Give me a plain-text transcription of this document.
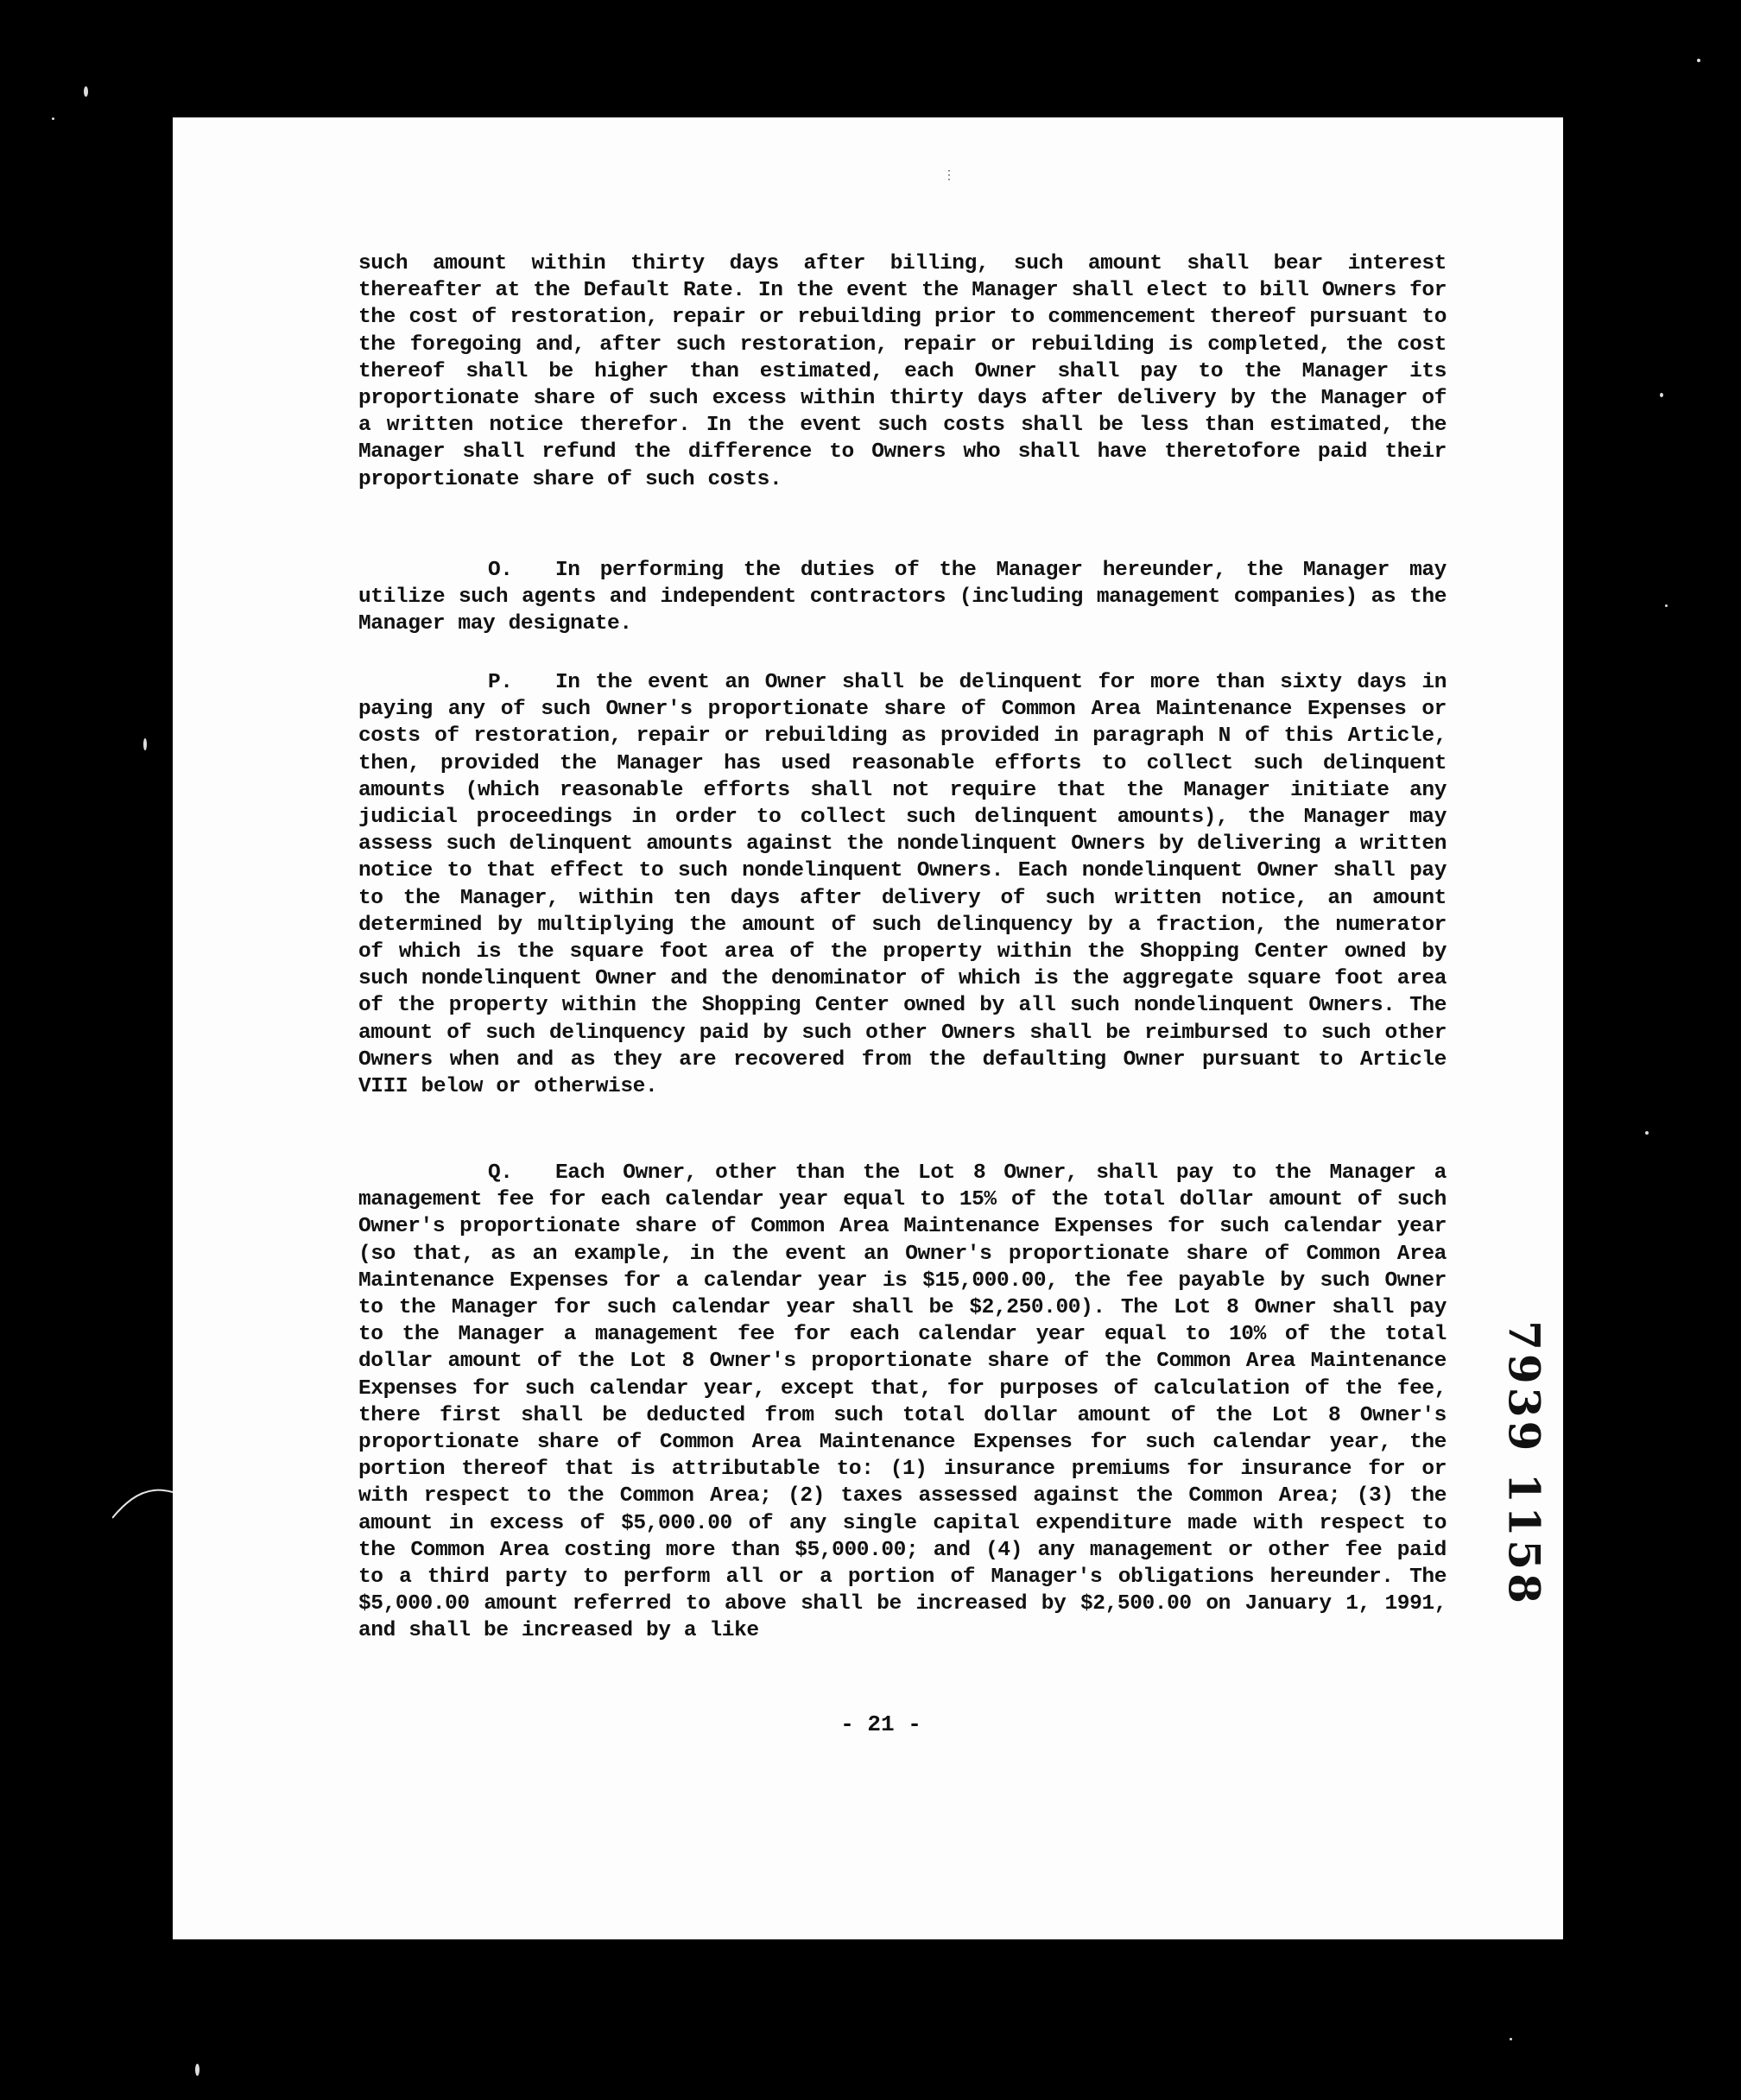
⋮
such amount within thirty days after billing, such amount shall bear interest thereafter at the Default Rate. In the event the Manager shall elect to bill Owners for the cost of restoration, repair or rebuilding prior to commencement thereof pursuant to the foregoing and, after such restoration, repair or rebuilding is completed, the cost thereof shall be higher than estimated, each Owner shall pay to the Manager its proportionate share of such excess within thirty days after delivery by the Manager of a written notice therefor. In the event such costs shall be less than estimated, the Manager shall refund the difference to Owners who shall have theretofore paid their proportionate share of such costs.
O. In performing the duties of the Manager hereunder, the Manager may utilize such agents and independent contractors (including management companies) as the Manager may designate.
P. In the event an Owner shall be delinquent for more than sixty days in paying any of such Owner's proportionate share of Common Area Maintenance Expenses or costs of restoration, repair or rebuilding as provided in paragraph N of this Article, then, provided the Manager has used reasonable efforts to collect such delinquent amounts (which reasonable efforts shall not require that the Manager initiate any judicial proceedings in order to collect such delinquent amounts), the Manager may assess such delinquent amounts against the nondelinquent Owners by delivering a written notice to that effect to such nondelinquent Owners. Each nondelinquent Owner shall pay to the Manager, within ten days after delivery of such written notice, an amount determined by multiplying the amount of such delinquency by a fraction, the numerator of which is the square foot area of the property within the Shopping Center owned by such nondelinquent Owner and the denominator of which is the aggregate square foot area of the property within the Shopping Center owned by all such nondelinquent Owners. The amount of such delinquency paid by such other Owners shall be reimbursed to such other Owners when and as they are recovered from the defaulting Owner pursuant to Article VIII below or otherwise.
Q. Each Owner, other than the Lot 8 Owner, shall pay to the Manager a management fee for each calendar year equal to 15% of the total dollar amount of such Owner's proportionate share of Common Area Maintenance Expenses for such calendar year (so that, as an example, in the event an Owner's proportionate share of Common Area Maintenance Expenses for a calendar year is $15,000.00, the fee payable by such Owner to the Manager for such calendar year shall be $2,250.00). The Lot 8 Owner shall pay to the Manager a management fee for each calendar year equal to 10% of the total dollar amount of the Lot 8 Owner's proportionate share of the Common Area Maintenance Expenses for such calendar year, except that, for purposes of calculation of the fee, there first shall be deducted from such total dollar amount of the Lot 8 Owner's proportionate share of Common Area Maintenance Expenses for such calendar year, the portion thereof that is attributable to: (1) insurance premiums for insurance for or with respect to the Common Area; (2) taxes assessed against the Common Area; (3) the amount in excess of $5,000.00 of any single capital expenditure made with respect to the Common Area costing more than $5,000.00; and (4) any management or other fee paid to a third party to perform all or a portion of Manager's obligations hereunder. The $5,000.00 amount referred to above shall be increased by $2,500.00 on January 1, 1991, and shall be increased by a like
- 21 -
7939 1158
